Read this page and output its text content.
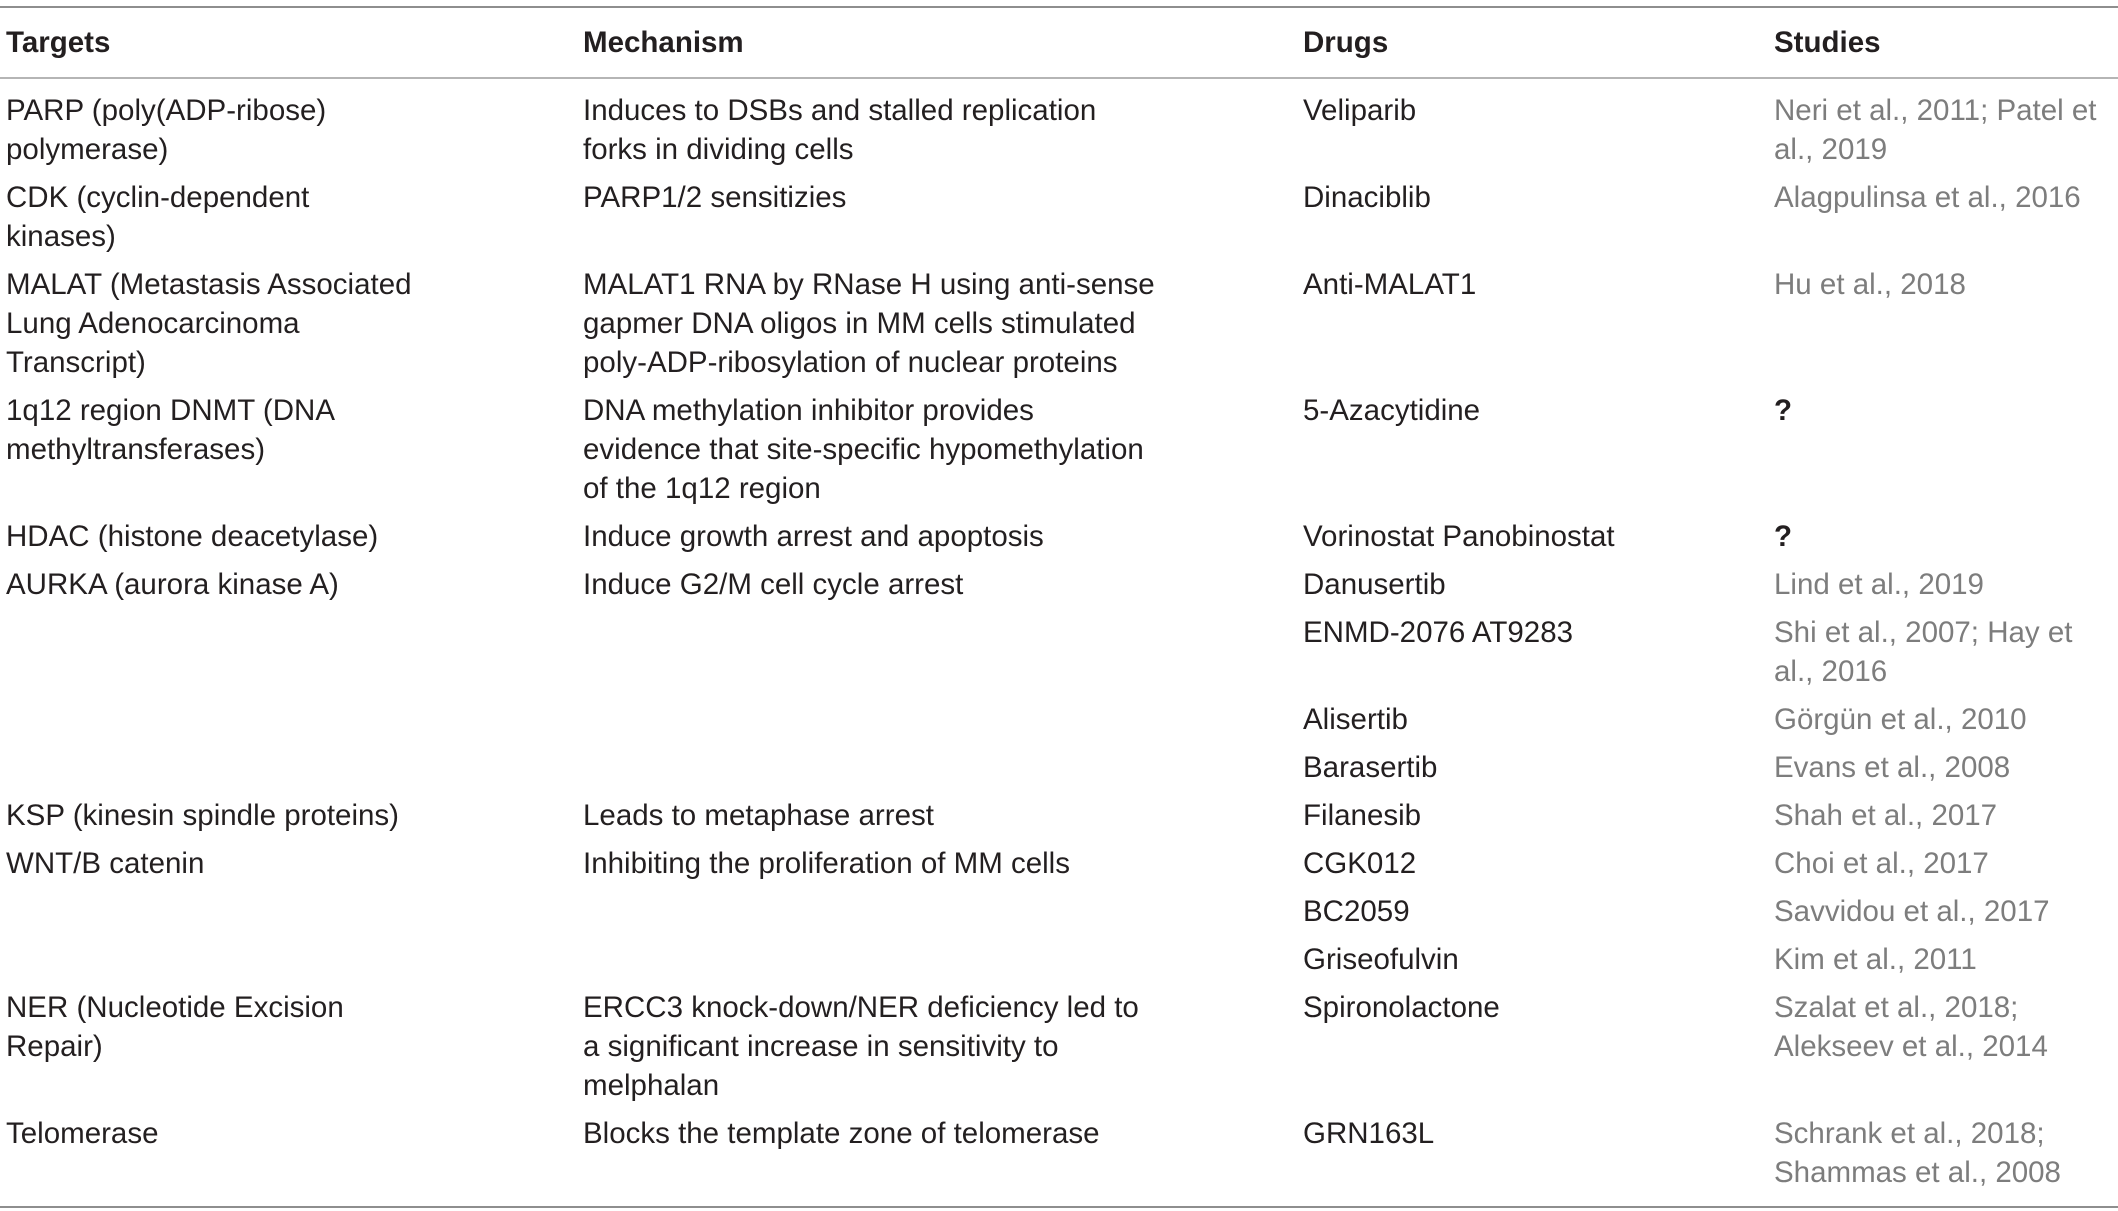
Targets	Mechanism	Drugs	Studies
PARP (poly(ADP-ribose) polymerase)	Induces to DSBs and stalled replication forks in dividing cells	Veliparib	Neri et al., 2011; Patel et al., 2019
CDK (cyclin-dependent kinases)	PARP1/2 sensitizies	Dinaciblib	Alagpulinsa et al., 2016
MALAT (Metastasis Associated Lung Adenocarcinoma Transcript)	MALAT1 RNA by RNase H using anti-sense gapmer DNA oligos in MM cells stimulated poly-ADP-ribosylation of nuclear proteins	Anti-MALAT1	Hu et al., 2018
1q12 region DNMT (DNA methyltransferases)	DNA methylation inhibitor provides evidence that site-specific hypomethylation of the 1q12 region	5-Azacytidine	?
HDAC (histone deacetylase)	Induce growth arrest and apoptosis	Vorinostat Panobinostat	?
AURKA (aurora kinase A)	Induce G2/M cell cycle arrest	Danusertib	Lind et al., 2019
		ENMD-2076 AT9283	Shi et al., 2007; Hay et al., 2016
		Alisertib	Görgün et al., 2010
		Barasertib	Evans et al., 2008
KSP (kinesin spindle proteins)	Leads to metaphase arrest	Filanesib	Shah et al., 2017
WNT/B catenin	Inhibiting the proliferation of MM cells	CGK012	Choi et al., 2017
		BC2059	Savvidou et al., 2017
		Griseofulvin	Kim et al., 2011
NER (Nucleotide Excision Repair)	ERCC3 knock-down/NER deficiency led to a significant increase in sensitivity to melphalan	Spironolactone	Szalat et al., 2018; Alekseev et al., 2014
Telomerase	Blocks the template zone of telomerase	GRN163L	Schrank et al., 2018; Shammas et al., 2008
